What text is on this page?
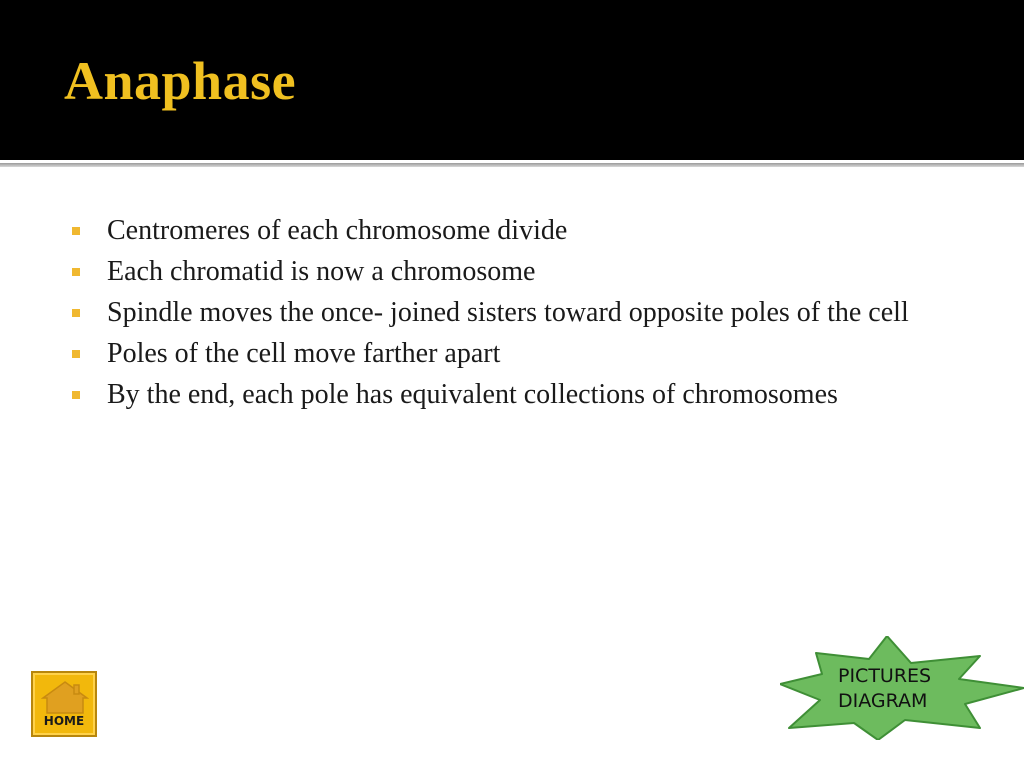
Anaphase
Centromeres of each chromosome divide
Each chromatid is now a chromosome
Spindle moves the once- joined sisters toward opposite poles of the cell
Poles of the cell move farther apart
By the end, each pole has equivalent collections of chromosomes
HOME
PICTURES
DIAGRAM
